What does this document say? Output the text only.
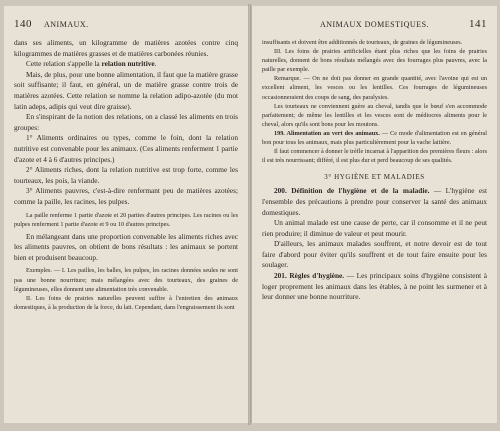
140 ANIMAUX.

dans ses aliments, un kilogramme de matières azotées contre cinq kilogrammes de matières grasses et de matières carbonées réunies.

Cette relation s'appelle la relation nutritive.

Mais, de plus, pour une bonne alimentation, il faut que la matière grasse soit suffisante; il faut, en général, un de matière grasse contre trois de matières azotées. Cette relation se nomme la relation adipo-azotée (du mot latin adeps, adipis qui veut dire graisse).

En s'inspirant de la notion des relations, on a classé les aliments en trois groupes:

1° Aliments ordinaires ou types, comme le foin, dont la relation nutritive est convenable pour les animaux. (Ces aliments renferment 1 partie d'azote et 4 à 6 d'autres principes.)

2° Aliments riches, dont la relation nutritive est trop forte, comme les tourteaux, les pois, la viande.

3° Aliments pauvres, c'est-à-dire renfermant peu de matières azotées; comme la paille, les racines, les pulpes.

La paille renferme 1 partie d'azote et 20 parties d'autres principes. Les racines ou les pulpes renferment 1 partie d'azote et 9 ou 10 d'autres principes.

En mélangeant dans une proportion convenable les aliments riches avec les aliments pauvres, on obtient de bons résultats : les animaux se portent bien et produisent beaucoup.

Exemples. — I. Les pailles, les balles, les pulpes, les racines données seules ne sont pas une bonne nourriture; mais mélangées avec des tourteaux, des graines de légumineuses, elles donnent une alimentation très convenable.

II. Les foins de prairies naturelles peuvent suffire à l'entretien des animaux domestiques, à la production de la force, du lait. Cependant, dans l'engraissement ils sont

ANIMAUX DOMESTIQUES.	141

insuffisants et doivent être additionnés de tourteaux, de graines de légumineuses.

III. Les foins de prairies artificielles étant plus riches que les foins de prairies naturelles, donnent de bons résultats mélangés avec des fourrages plus pauvres, avec la paille par exemple.

Remarque. — On ne doit pas donner en grande quantité, avec l'avoine qui est un excellent aliment, les vesces ou les lentilles. Ces fourrages de légumineuses occasionneraient des coups de sang, des paralysies.

Les tourteaux ne conviennent guère au cheval, tandis que le bœuf s'en accommode parfaitement; de même les lentilles et les vesces sont de médiocres aliments pour le cheval, alors qu'ils sont bons pour les moutons.

199. Alimentation au vert des animaux. — Ce mode d'alimentation est en général bon pour tous les animaux, mais plus particulièrement pour la vache laitière.

Il faut commencer à donner le trèfle incarnat à l'apparition des premières fleurs : alors il est très nourrissant; différé, il est plus dur et perd beaucoup de ses qualités.

3° HYGIÈNE ET MALADIES

200. Définition de l'hygiène et de la maladie. — L'hygiène est l'ensemble des précautions à prendre pour conserver la santé des animaux domestiques.

Un animal malade est une cause de perte, car il consomme et il ne peut rien produire; il diminue de valeur et peut mourir.

D'ailleurs, les animaux malades souffrent, et notre devoir est de tout faire d'abord pour éviter qu'ils souffrent et de tout faire ensuite pour les soulager.

201. Règles d'hygiène. — Les principaux soins d'hygiène consistent à loger proprement les animaux dans les étables, à ne point les surmener et à leur donner une bonne nourriture.
